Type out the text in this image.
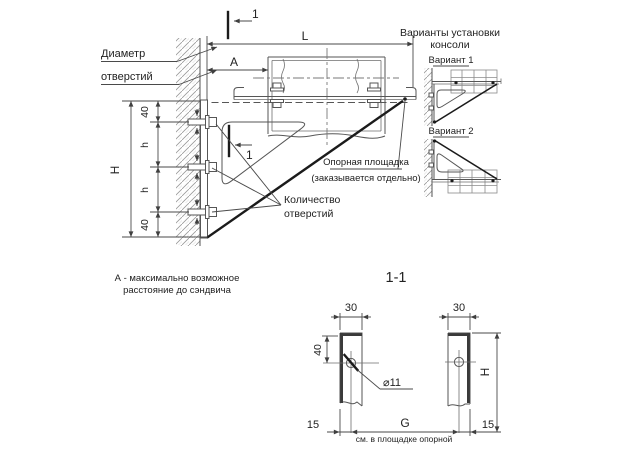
1
1
L
A
H
40
h
h
40
Диаметр
отверстий
Количество
отверстий
Опорная площадка
(заказывается отдельно)
А - максимально возможное
расстояние до сэндвича
Варианты установки
консоли
Вариант 1
Вариант 2
1-1
⌀11
40
30	30
H
15	G	15
см. в площадке опорной
